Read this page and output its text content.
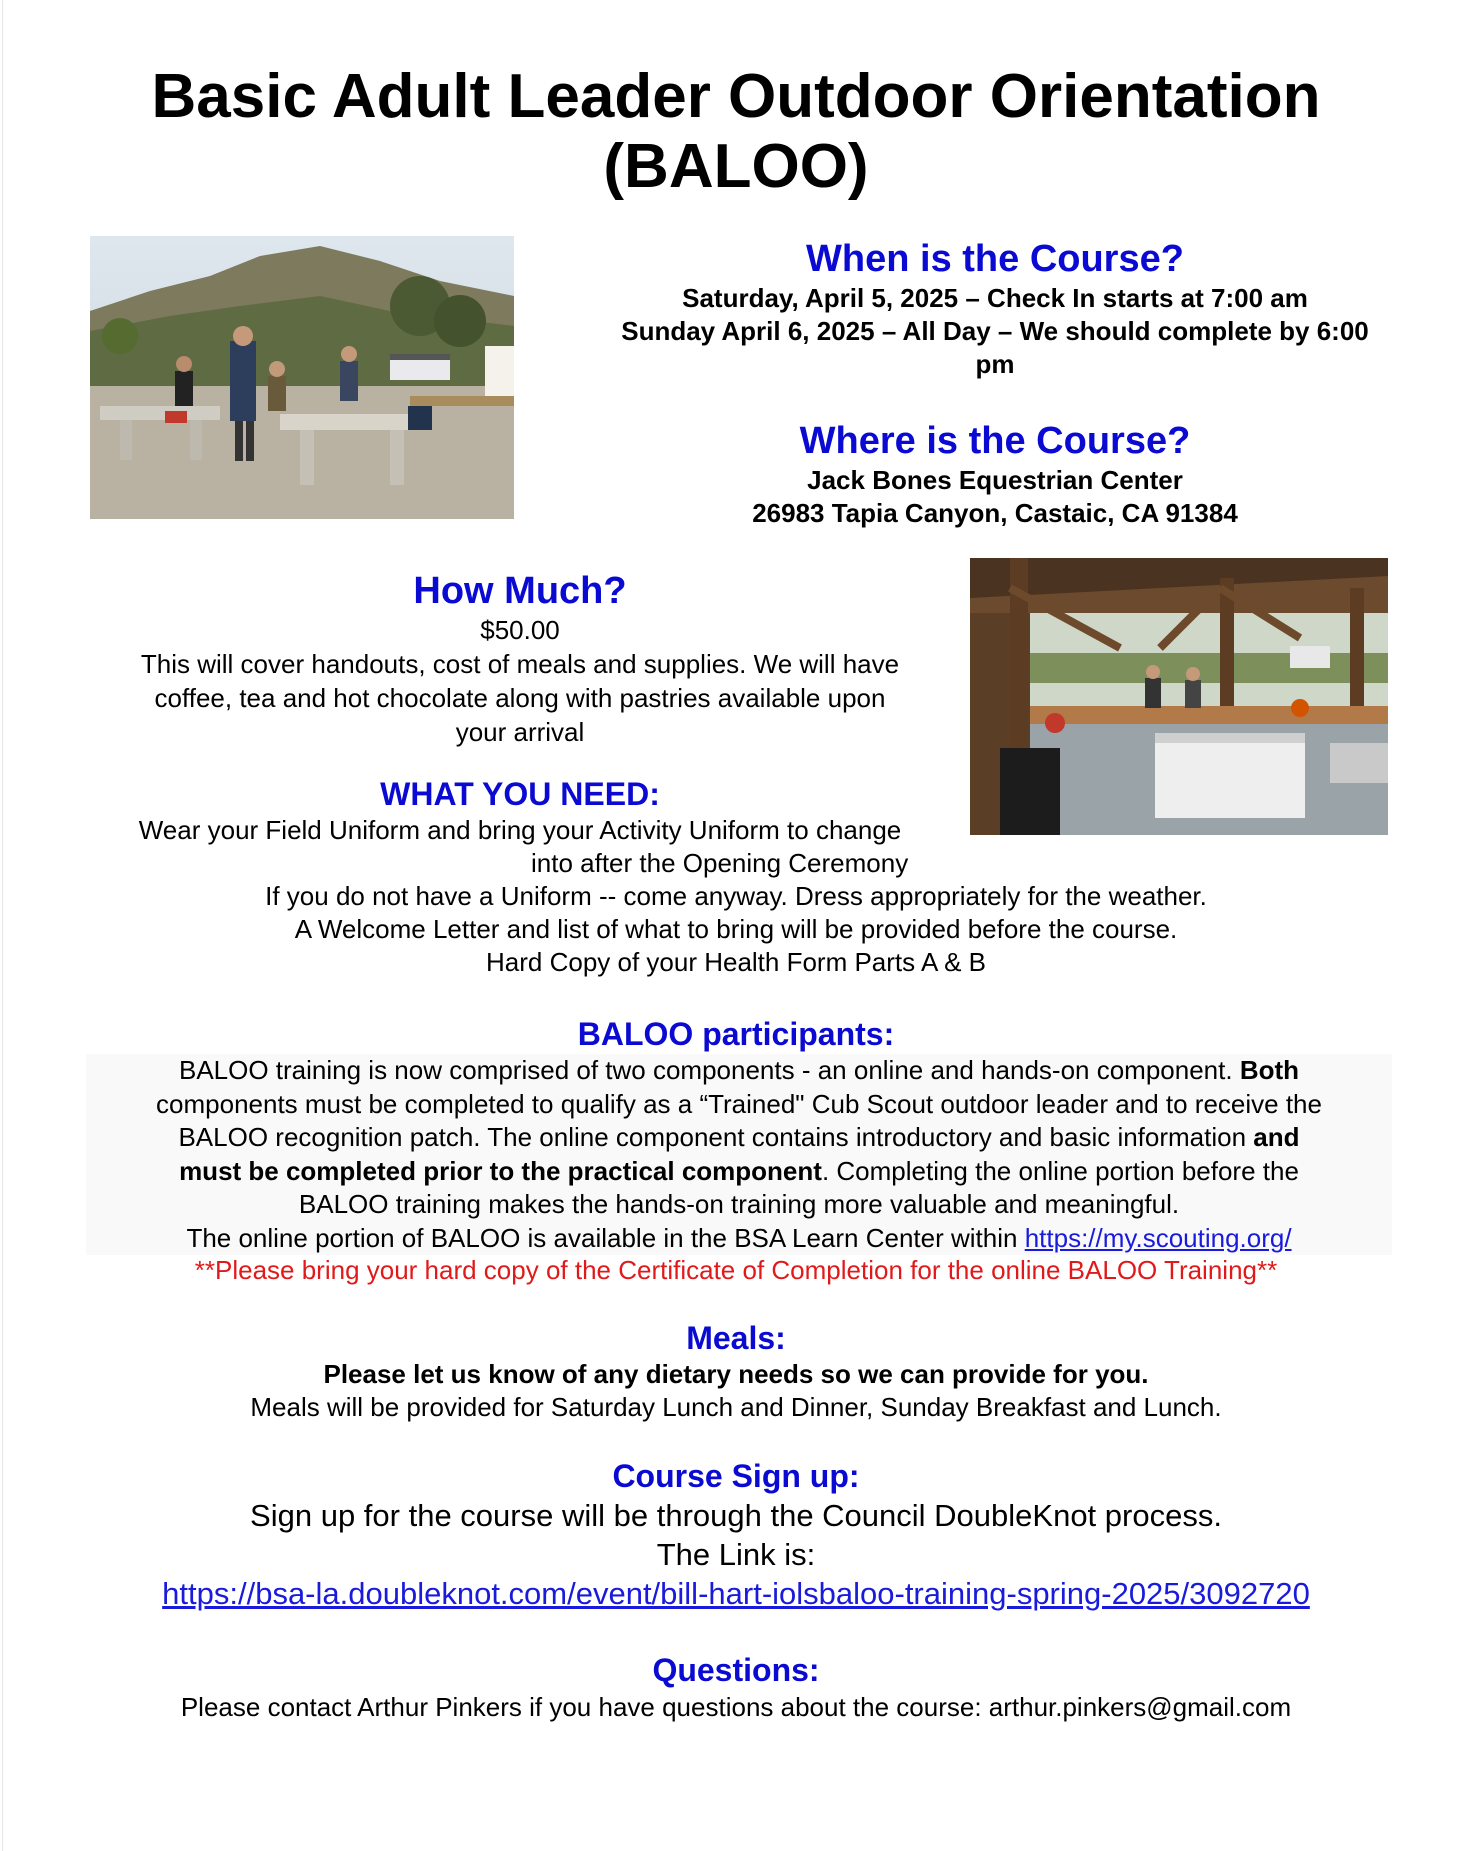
Basic Adult Leader Outdoor Orientation
(BALOO)
When is the Course?
Saturday, April 5, 2025 – Check In starts at 7:00 am
Sunday April 6, 2025 – All Day – We should complete by 6:00
pm
Where is the Course?
Jack Bones Equestrian Center
26983 Tapia Canyon, Castaic, CA 91384
How Much?
$50.00
This will cover handouts, cost of meals and supplies. We will have
coffee, tea and hot chocolate along with pastries available upon
your arrival
WHAT YOU NEED:
Wear your Field Uniform and bring your Activity Uniform to change
into after the Opening Ceremony
If you do not have a Uniform -- come anyway. Dress appropriately for the weather.
A Welcome Letter and list of what to bring will be provided before the course.
Hard Copy of your Health Form Parts A & B
BALOO participants:
BALOO training is now comprised of two components - an online and hands-on component. Both
components must be completed to qualify as a “Trained" Cub Scout outdoor leader and to receive the
BALOO recognition patch. The online component contains introductory and basic information and
must be completed prior to the practical component. Completing the online portion before the
BALOO training makes the hands-on training more valuable and meaningful.
The online portion of BALOO is available in the BSA Learn Center within https://my.scouting.org/
**Please bring your hard copy of the Certificate of Completion for the online BALOO Training**
Meals:
Please let us know of any dietary needs so we can provide for you.
Meals will be provided for Saturday Lunch and Dinner, Sunday Breakfast and Lunch.
Course Sign up:
Sign up for the course will be through the Council DoubleKnot process.
The Link is:
https://bsa-la.doubleknot.com/event/bill-hart-iolsbaloo-training-spring-2025/3092720
Questions:
Please contact Arthur Pinkers if you have questions about the course: arthur.pinkers@gmail.com
